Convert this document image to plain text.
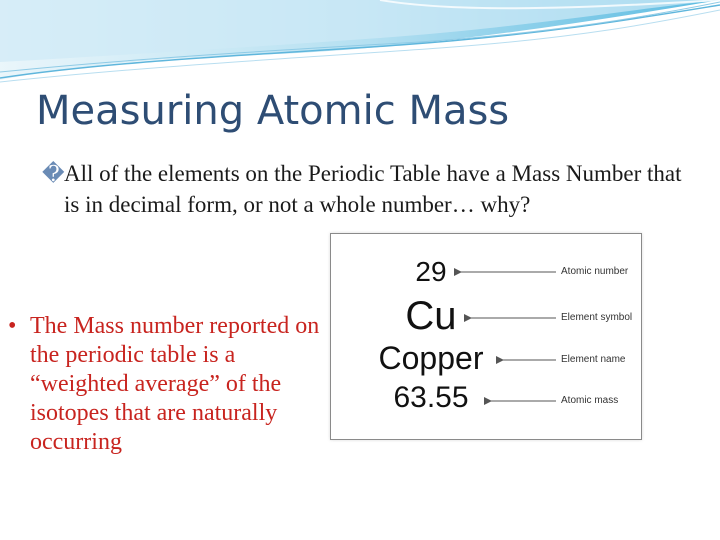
Measuring Atomic Mass
� All of the elements on the Periodic Table have a Mass Number that is in decimal form, or not a whole number… why?
• The Mass number reported on the periodic table is a “weighted average” of the isotopes that are naturally occurring
29
Cu
Copper
63.55
Atomic number
Element symbol
Element name
Atomic mass
